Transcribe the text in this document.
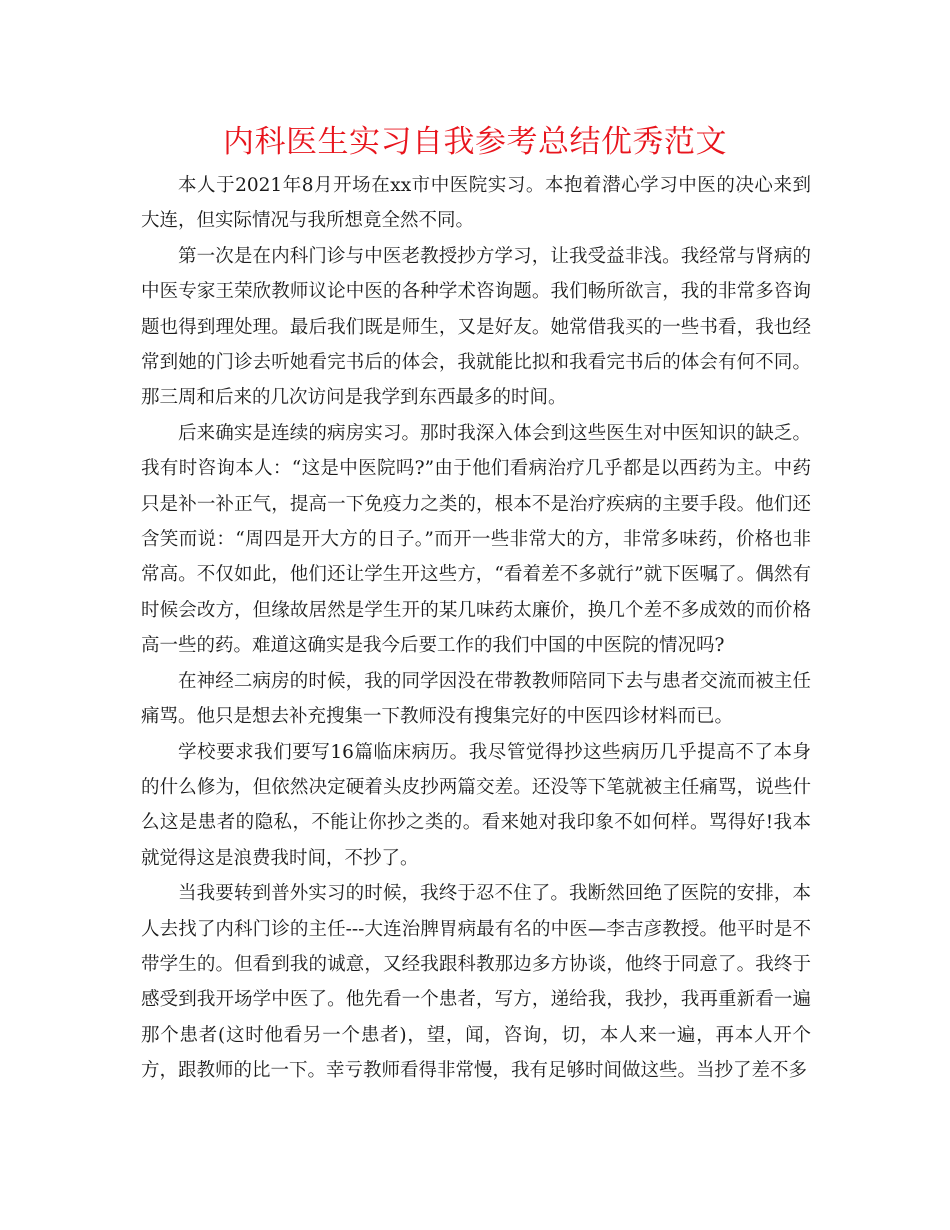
内科医生实习自我参考总结优秀范文

本人于2021年8月开场在xx市中医院实习。本抱着潜心学习中医的决心来到大连，但实际情况与我所想竟全然不同。

第一次是在内科门诊与中医老教授抄方学习，让我受益非浅。我经常与肾病的中医专家王荣欣教师议论中医的各种学术咨询题。我们畅所欲言，我的非常多咨询题也得到理处理。最后我们既是师生，又是好友。她常借我买的一些书看，我也经常到她的门诊去听她看完书后的体会，我就能比拟和我看完书后的体会有何不同。那三周和后来的几次访问是我学到东西最多的时间。

后来确实是连续的病房实习。那时我深入体会到这些医生对中医知识的缺乏。我有时咨询本人：“这是中医院吗?”由于他们看病治疗几乎都是以西药为主。中药只是补一补正气，提高一下免疫力之类的，根本不是治疗疾病的主要手段。他们还含笑而说：“周四是开大方的日子。”而开一些非常大的方，非常多味药，价格也非常高。不仅如此，他们还让学生开这些方，“看着差不多就行”就下医嘱了。偶然有时候会改方，但缘故居然是学生开的某几味药太廉价，换几个差不多成效的而价格高一些的药。难道这确实是我今后要工作的我们中国的中医院的情况吗?

在神经二病房的时候，我的同学因没在带教教师陪同下去与患者交流而被主任痛骂。他只是想去补充搜集一下教师没有搜集完好的中医四诊材料而已。

学校要求我们要写16篇临床病历。我尽管觉得抄这些病历几乎提高不了本身的什么修为，但依然决定硬着头皮抄两篇交差。还没等下笔就被主任痛骂，说些什么这是患者的隐私，不能让你抄之类的。看来她对我印象不如何样。骂得好!我本就觉得这是浪费我时间，不抄了。

当我要转到普外实习的时候，我终于忍不住了。我断然回绝了医院的安排，本人去找了内科门诊的主任---大连治脾胃病最有名的中医—李吉彦教授。他平时是不带学生的。但看到我的诚意，又经我跟科教那边多方协谈，他终于同意了。我终于感受到我开场学中医了。他先看一个患者，写方，递给我，我抄，我再重新看一遍那个患者(这时他看另一个患者)，望，闻，咨询，切，本人来一遍，再本人开个方，跟教师的比一下。幸亏教师看得非常慢，我有足够时间做这些。当抄了差不多
